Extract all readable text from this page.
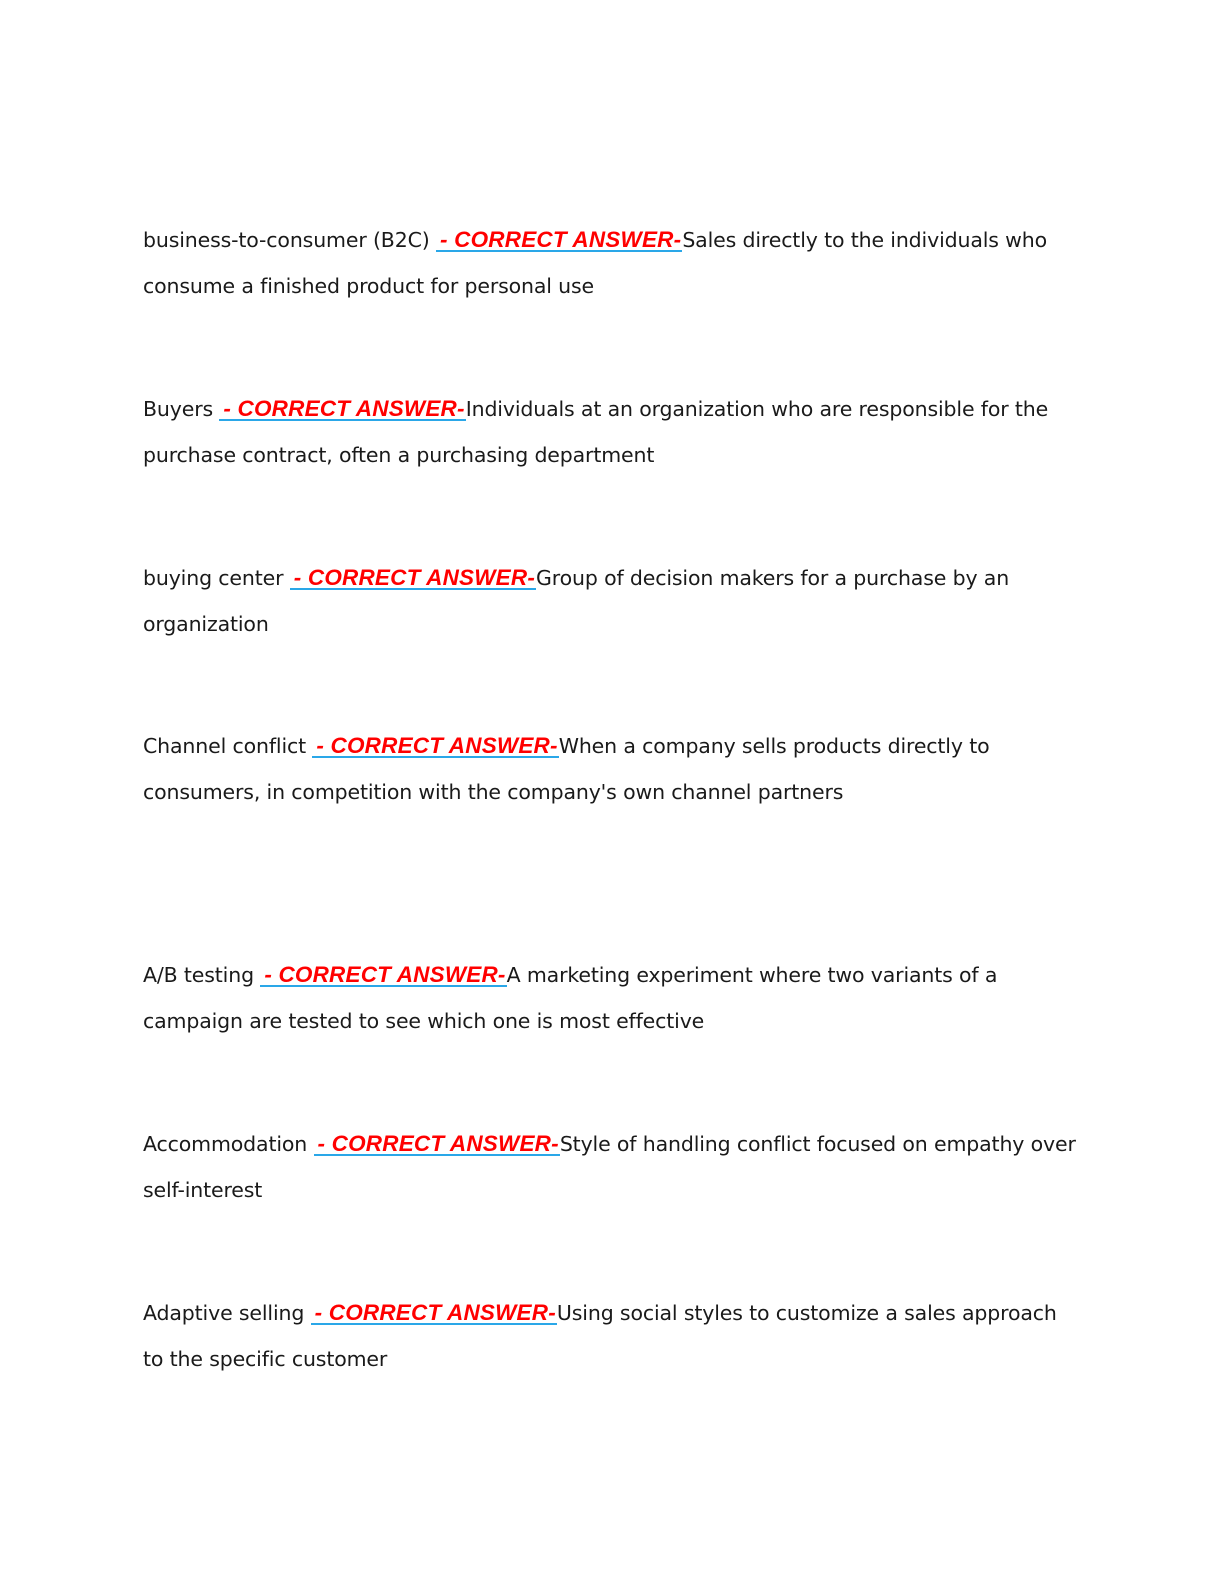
business-to-consumer (B2C) - CORRECT ANSWER-Sales directly to the individuals who consume a finished product for personal use

Buyers - CORRECT ANSWER-Individuals at an organization who are responsible for the purchase contract, often a purchasing department

buying center - CORRECT ANSWER-Group of decision makers for a purchase by an organization

Channel conflict - CORRECT ANSWER-When a company sells products directly to consumers, in competition with the company's own channel partners

A/B testing - CORRECT ANSWER-A marketing experiment where two variants of a campaign are tested to see which one is most effective

Accommodation - CORRECT ANSWER-Style of handling conflict focused on empathy over self-interest

Adaptive selling - CORRECT ANSWER-Using social styles to customize a sales approach to the specific customer
